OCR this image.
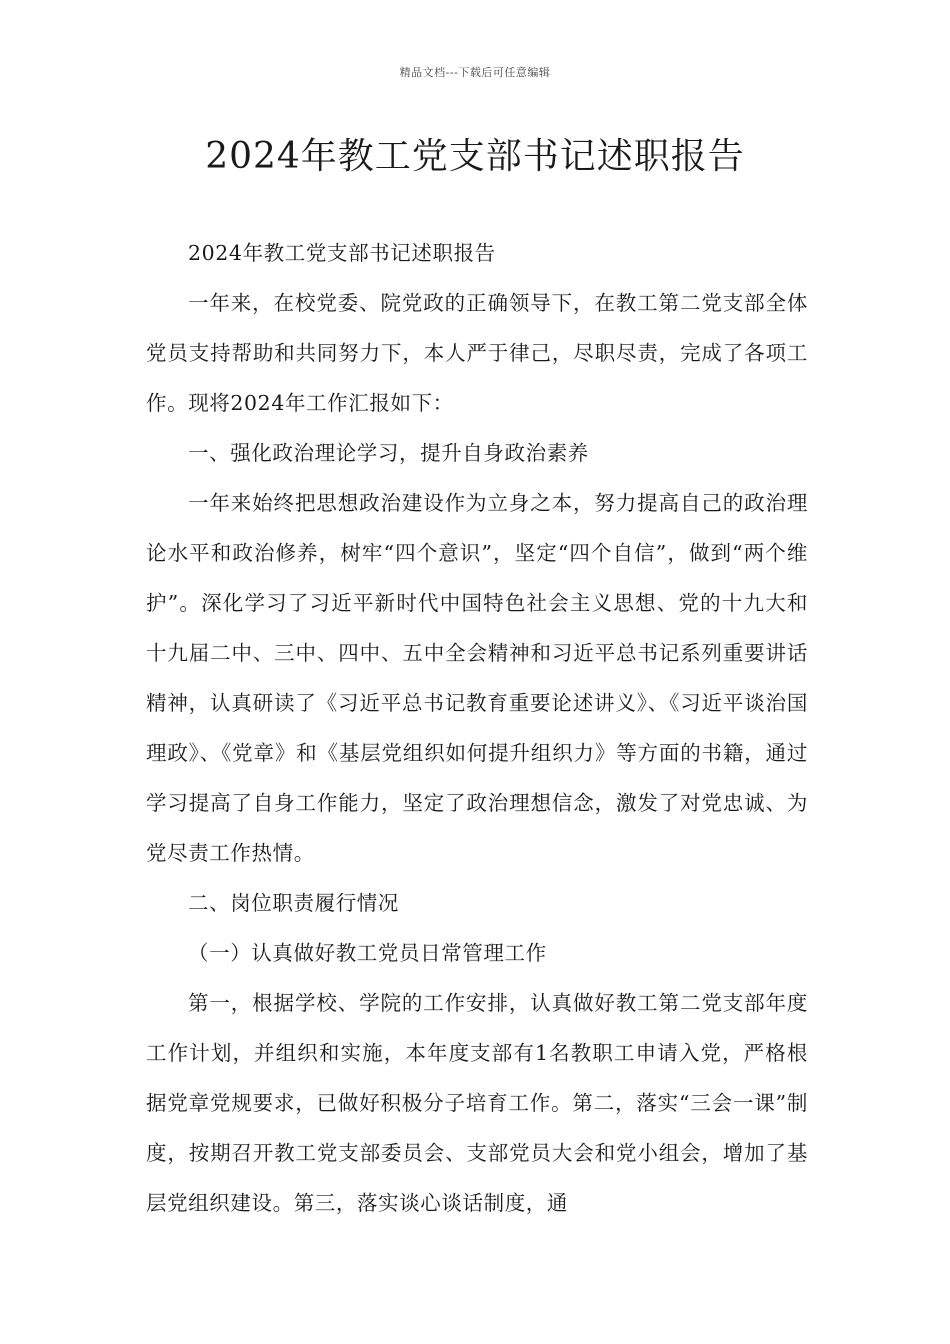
精品文档---下载后可任意编辑
2024年教工党支部书记述职报告

2024年教工党支部书记述职报告

一年来，在校党委、院党政的正确领导下，在教工第二党支部全体党员支持帮助和共同努力下，本人严于律己，尽职尽责，完成了各项工作。现将2024年工作汇报如下：

一、强化政治理论学习，提升自身政治素养

一年来始终把思想政治建设作为立身之本，努力提高自己的政治理论水平和政治修养，树牢“四个意识”，坚定“四个自信”，做到“两个维护”。深化学习了习近平新时代中国特色社会主义思想、党的十九大和十九届二中、三中、四中、五中全会精神和习近平总书记系列重要讲话精神，认真研读了《习近平总书记教育重要论述讲义》、《习近平谈治国理政》、《党章》和《基层党组织如何提升组织力》等方面的书籍，通过学习提高了自身工作能力，坚定了政治理想信念，激发了对党忠诚、为党尽责工作热情。

二、岗位职责履行情况

（一）认真做好教工党员日常管理工作

第一，根据学校、学院的工作安排，认真做好教工第二党支部年度工作计划，并组织和实施，本年度支部有1名教职工申请入党，严格根据党章党规要求，已做好积极分子培育工作。第二，落实“三会一课”制度，按期召开教工党支部委员会、支部党员大会和党小组会，增加了基层党组织建设。第三，落实谈心谈话制度，通
